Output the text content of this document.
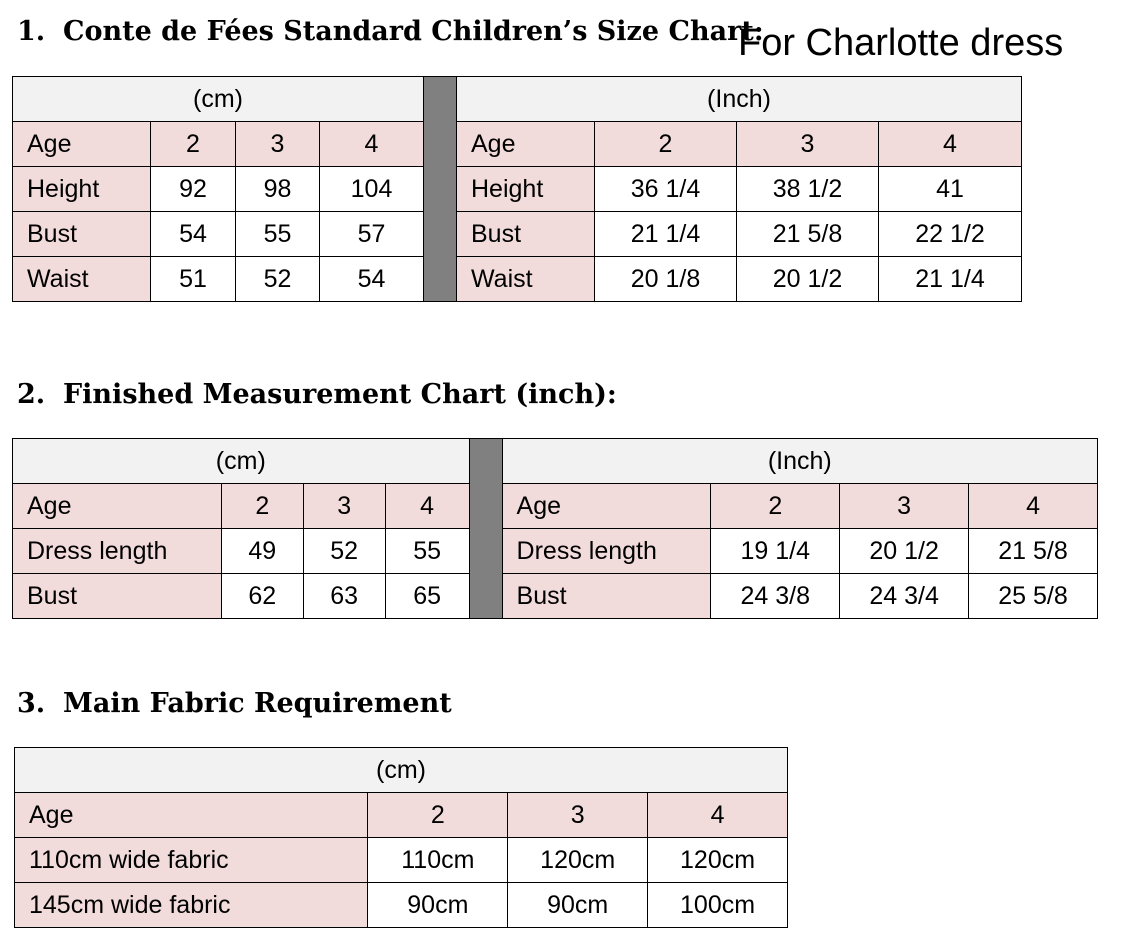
1. Conte de Fées Standard Children’s Size Chart:
For Charlotte dress
(cm)					(Inch)			
Age	2	3	4		Age	2	3	4
Height	92	98	104		Height	36 1/4	38 1/2	41
Bust	54	55	57		Bust	21 1/4	21 5/8	22 1/2
Waist	51	52	54		Waist	20 1/8	20 1/2	21 1/4
2. Finished Measurement Chart (inch):
(cm)					(Inch)			
Age	2	3	4		Age	2	3	4
Dress length	49	52	55		Dress length	19 1/4	20 1/2	21 5/8
Bust	62	63	65		Bust	24 3/8	24 3/4	25 5/8
3. Main Fabric Requirement
(cm)			
Age	2	3	4
110cm wide fabric	110cm	120cm	120cm
145cm wide fabric	90cm	90cm	100cm
